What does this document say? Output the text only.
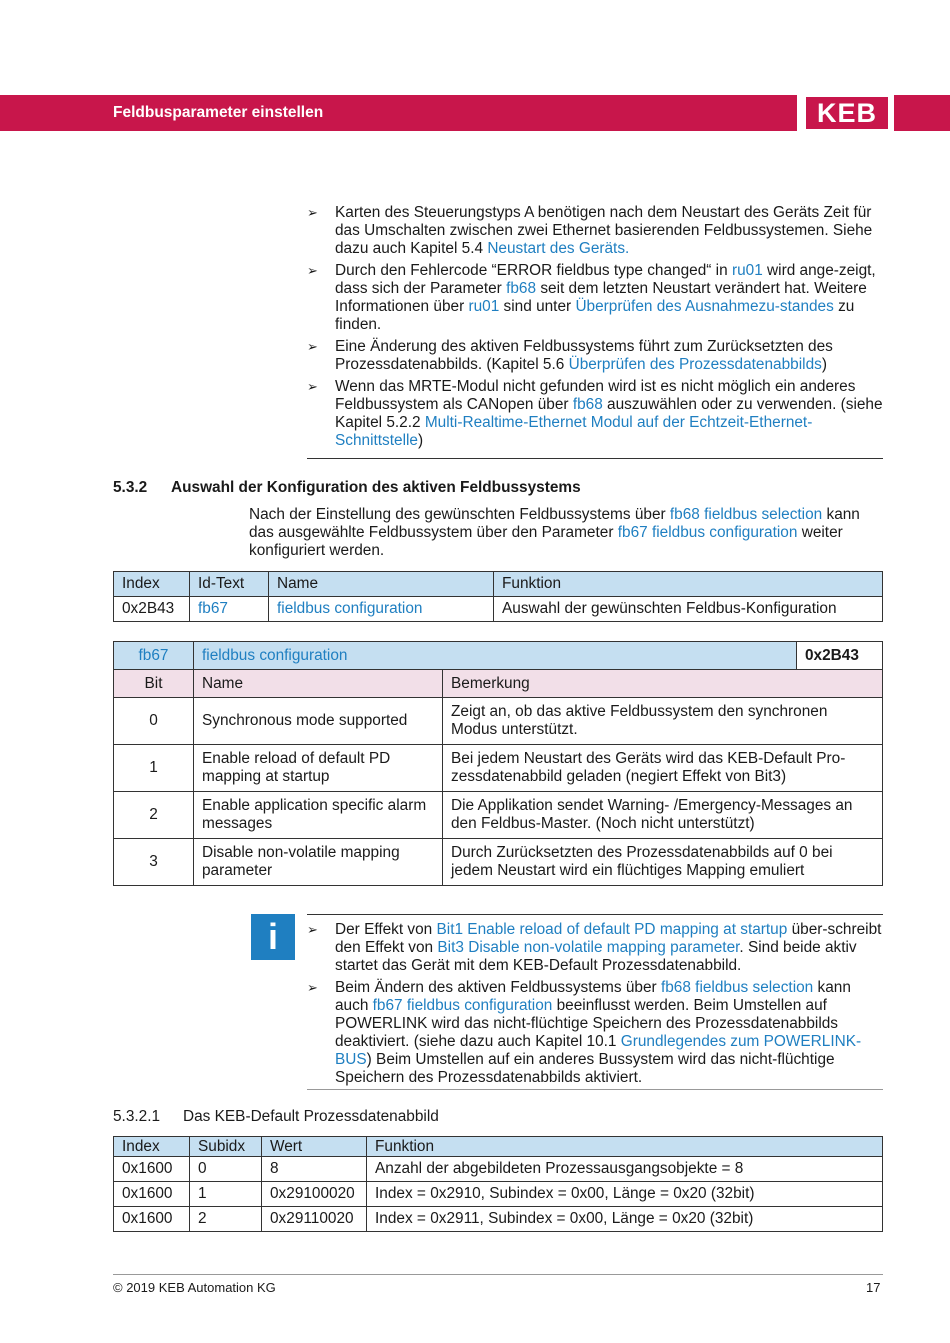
Feldbusparameter einstellen	KEB
➢ Karten des Steuerungstyps A benötigen nach dem Neustart des Geräts Zeit für das Umschalten zwischen zwei Ethernet basierenden Feldbussystemen. Siehe dazu auch Kapitel 5.4 Neustart des Geräts.
➢ Durch den Fehlercode “ERROR fieldbus type changed“ in ru01 wird ange-zeigt, dass sich der Parameter fb68 seit dem letzten Neustart verändert hat. Weitere Informationen über ru01 sind unter Überprüfen des Ausnahmezu-standes zu finden.
➢ Eine Änderung des aktiven Feldbussystems führt zum Zurücksetzten des Prozessdatenabbilds. (Kapitel 5.6 Überprüfen des Prozessdatenabbilds)
➢ Wenn das MRTE-Modul nicht gefunden wird ist es nicht möglich ein anderes Feldbussystem als CANopen über fb68 auszuwählen oder zu verwenden. (siehe Kapitel 5.2.2 Multi-Realtime-Ethernet Modul auf der Echtzeit-Ethernet-Schnittstelle)
5.3.2 Auswahl der Konfiguration des aktiven Feldbussystems
Nach der Einstellung des gewünschten Feldbussystems über fb68 fieldbus selection kann das ausgewählte Feldbussystem über den Parameter fb67 fieldbus configuration weiter konfiguriert werden.
Index	Id-Text	Name	Funktion
0x2B43	fb67	fieldbus configuration	Auswahl der gewünschten Feldbus-Konfiguration
fb67	fieldbus configuration		0x2B43
Bit	Name	Bemerkung	
0	Synchronous mode supported	Zeigt an, ob das aktive Feldbussystem den synchronen Modus unterstützt.	
1	Enable reload of default PD mapping at startup	Bei jedem Neustart des Geräts wird das KEB-Default Pro-zessdatenabbild geladen (negiert Effekt von Bit3)	
2	Enable application specific alarm messages	Die Applikation sendet Warning- /Emergency-Messages an den Feldbus-Master. (Noch nicht unterstützt)	
3	Disable non-volatile mapping parameter	Durch Zurücksetzten des Prozessdatenabbilds auf 0 bei jedem Neustart wird ein flüchtiges Mapping emuliert	
i	➢ Der Effekt von Bit1 Enable reload of default PD mapping at startup über-schreibt den Effekt von Bit3 Disable non-volatile mapping parameter. Sind beide aktiv startet das Gerät mit dem KEB-Default Prozessdatenabbild.
➢ Beim Ändern des aktiven Feldbussystems über fb68 fieldbus selection kann auch fb67 fieldbus configuration beeinflusst werden. Beim Umstellen auf POWERLINK wird das nicht-flüchtige Speichern des Prozessdatenabbilds deaktiviert. (siehe dazu auch Kapitel 10.1 Grundlegendes zum POWERLINK-BUS) Beim Umstellen auf ein anderes Bussystem wird das nicht-flüchtige Speichern des Prozessdatenabbilds aktiviert.
5.3.2.1 Das KEB-Default Prozessdatenabbild
Index	Subidx	Wert	Funktion
0x1600	0	8	Anzahl der abgebildeten Prozessausgangsobjekte = 8
0x1600	1	0x29100020	Index = 0x2910, Subindex = 0x00, Länge = 0x20 (32bit)
0x1600	2	0x29110020	Index = 0x2911, Subindex = 0x00, Länge = 0x20 (32bit)
© 2019 KEB Automation KG	17
